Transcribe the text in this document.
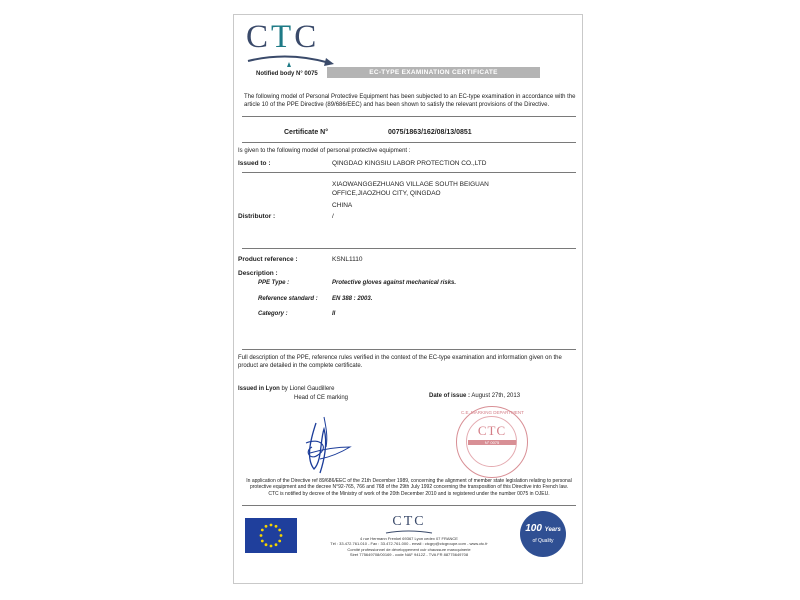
CTC
Notified body N° 0075	EC-TYPE EXAMINATION CERTIFICATE
The following model of Personal Protective Equipment has been subjected to an EC-type examination in accordance with the article 10 of the PPE Directive (89/686/EEC) and has been shown to satisfy the relevant provisions of the Directive.
Certificate N°	0075/1863/162/08/13/0851
Is given to the following model of personal protective equipment :
Issued to :	QINGDAO KINGSIU LABOR PROTECTION CO.,LTD
XIAOWANGGEZHUANG VILLAGE SOUTH BEIGUAN
OFFICE,JIAOZHOU CITY, QINGDAO
CHINA
Distributor :	/
Product reference :	KSNL1110
Description :
PPE Type :	Protective gloves against mechanical risks.
Reference standard : EN 388 : 2003.
Category :	II
Full description of the PPE, reference rules verified in the context of the EC-type examination and information given on the
product are detailed in the complete certificate.
Issued in Lyon by Lionel Gaudillere
Head of CE marking	Date of issue : August 27th, 2013
C.E. MARKING DEPARTMENT
CTC
N° 0075
In application of the Directive ref 89/686/EEC of the 21th December 1989, concerning the alignment of member state legislation relating to personal
protective equipment and the decree N°92-765, 766 and 768 of the 29th July 1992 concerning the transposition of this Directive into French law.
CTC is notified by decree of the Ministry of work of the 20th December 2010 and is registered under the number 0075 in OJEU.
CTC
4 rue Hermann Frenkel 69367 Lyon cedex 07 FRANCE
Tél : 33.472.761.010 - Fax : 33.472.761.000 - email : ctcgrp@ctcgroupe.com - www.ctc.fr
Comité professionnel de développement cuir chaussure maroquinerie
Siret 775649708/00169 - code NAF 9412Z - TVA FR 88775649708
100 Years
of Quality
